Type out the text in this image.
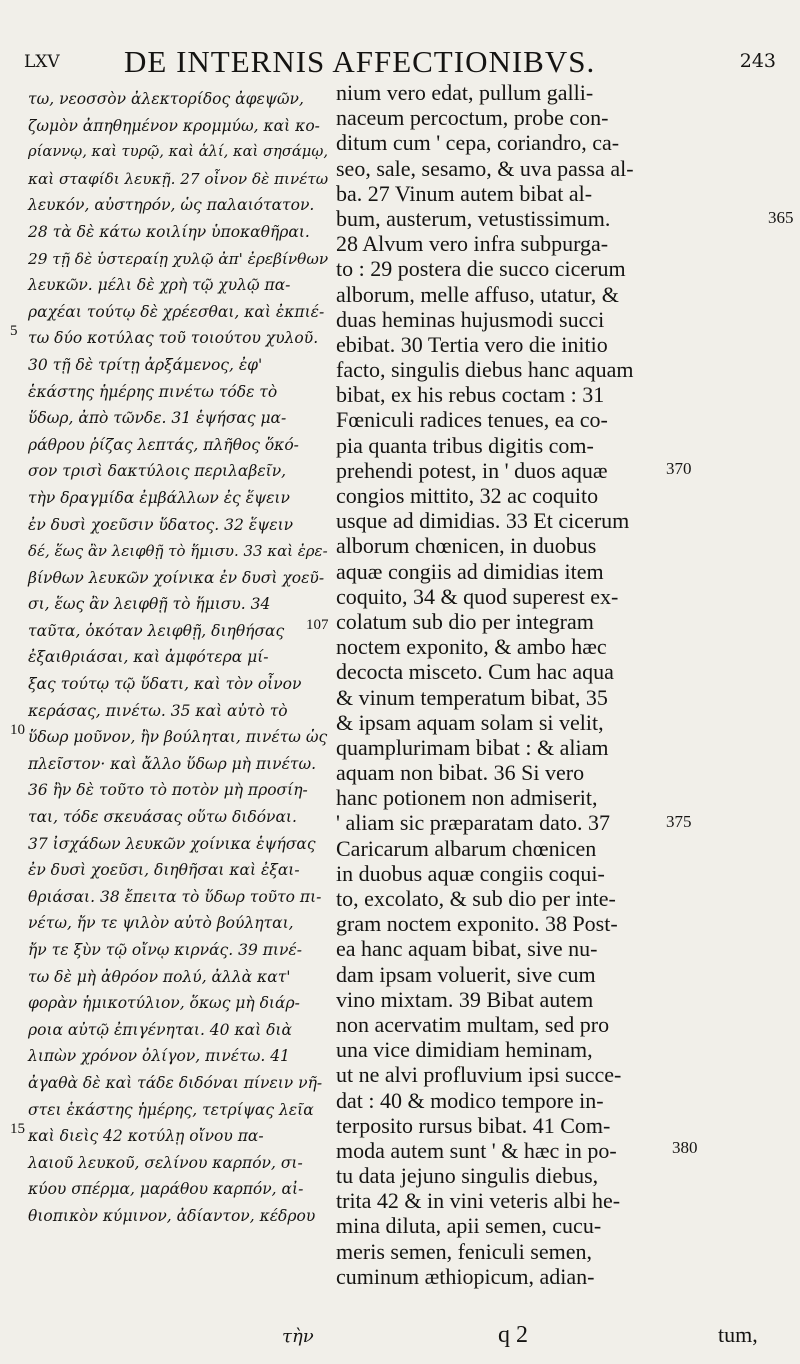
LXV DE INTERNIS AFFECTIONIBVS.	243
τω, νεοσσὸν ἀλεκτορίδος ἀφεψῶν,
ζωμὸν ἀπηθημένον κρομμύω, καὶ κο-
ρίαννῳ, καὶ τυρῷ, καὶ ἁλί, καὶ σησάμῳ,
καὶ σταφίδι λευκῇ. 27 οἶνον δὲ πινέτω
λευκόν, αὐστηρόν, ὡς παλαιότατον.
28 τὰ δὲ κάτω κοιλίην ὑποκαθῆραι.
29 τῇ δὲ ὑστεραίῃ χυλῷ ἀπ' ἐρεβίνθων
λευκῶν. μέλι δὲ χρὴ τῷ χυλῷ πα-
ραχέαι τούτῳ δὲ χρέεσθαι, καὶ ἐκπιέ-
τω δύο κοτύλας τοῦ τοιούτου χυλοῦ.
30 τῇ δὲ τρίτῃ ἀρξάμενος, ἐφ'
ἑκάστης ἡμέρης πινέτω τόδε τὸ
ὕδωρ, ἀπὸ τῶνδε. 31 ἑψήσας μα-
ράθρου ῥίζας λεπτάς, πλῆθος ὅκό-
σον τρισὶ δακτύλοις περιλαβεῖν,
τὴν δραγμίδα ἐμβάλλων ἐς ἕψειν
ἐν δυσὶ χοεῦσιν ὕδατος. 32 ἕψειν
δέ, ἕως ἂν λειφθῇ τὸ ἥμισυ. 33 καὶ ἐρε-
βίνθων λευκῶν χοίνικα ἐν δυσὶ χοεῦ-
σι, ἕως ἂν λειφθῇ τὸ ἥμισυ. 34
ταῦτα, ὁκόταν λειφθῇ, διηθήσας
ἐξαιθριάσαι, καὶ ἀμφότερα μί-
ξας τούτῳ τῷ ὕδατι, καὶ τὸν οἶνον
κεράσας, πινέτω. 35 καὶ αὐτὸ τὸ
ὕδωρ μοῦνον, ἢν βούληται, πινέτω ὡς
πλεῖστον· καὶ ἄλλο ὕδωρ μὴ πινέτω.
36 ἢν δὲ τοῦτο τὸ ποτὸν μὴ προσίη-
ται, τόδε σκευάσας οὕτω διδόναι.
37 ἰσχάδων λευκῶν χοίνικα ἑψήσας
ἐν δυσὶ χοεῦσι, διηθῆσαι καὶ ἐξαι-
θριάσαι. 38 ἔπειτα τὸ ὕδωρ τοῦτο πι-
νέτω, ἤν τε ψιλὸν αὐτὸ βούληται,
ἤν τε ξὺν τῷ οἴνῳ κιρνάς. 39 πινέ-
τω δὲ μὴ ἀθρόον πολύ, ἀλλὰ κατ'
φορὰν ἡμικοτύλιον, ὅκως μὴ διάρ-
ροια αὐτῷ ἐπιγένηται. 40 καὶ διὰ
λιπὼν χρόνον ὀλίγον, πινέτω. 41
ἀγαθὰ δὲ καὶ τάδε διδόναι πίνειν νῆ-
στει ἑκάστης ἡμέρης, τετρίψας λεῖα
καὶ διεὶς 42 κοτύλῃ οἴνου πα-
λαιοῦ λευκοῦ, σελίνου καρπόν, σι-
κύου σπέρμα, μαράθου καρπόν, αἰ-
θιοπικὸν κύμινον, ἀδίαντον, κέδρου
nium vero edat, pullum galli-
naceum percoctum, probe con-
ditum cum ' cepa, coriandro, ca-
seo, sale, sesamo, & uva passa al-
ba. 27 Vinum autem bibat al-
bum, austerum, vetustissimum.
28 Alvum vero infra subpurga-
to : 29 postera die succo cicerum
alborum, melle affuso, utatur, &
duas heminas hujusmodi succi
ebibat. 30 Tertia vero die initio
facto, singulis diebus hanc aquam
bibat, ex his rebus coctam : 31
Fœniculi radices tenues, ea co-
pia quanta tribus digitis com-
prehendi potest, in ' duos aquæ
congios mittito, 32 ac coquito
usque ad dimidias. 33 Et cicerum
alborum chœnicen, in duobus
aquæ congiis ad dimidias item
coquito, 34 & quod superest ex-
colatum sub dio per integram
noctem exponito, & ambo hæc
decocta misceto. Cum hac aqua
& vinum temperatum bibat, 35
& ipsam aquam solam si velit,
quamplurimam bibat : & aliam
aquam non bibat. 36 Si vero
hanc potionem non admiserit,
' aliam sic præparatam dato. 37
Caricarum albarum chœnicen
in duobus aquæ congiis coqui-
to, excolato, & sub dio per inte-
gram noctem exponito. 38 Post-
ea hanc aquam bibat, sive nu-
dam ipsam voluerit, sive cum
vino mixtam. 39 Bibat autem
non acervatim multam, sed pro
una vice dimidiam heminam,
ut ne alvi profluvium ipsi succe-
dat : 40 & modico tempore in-
terposito rursus bibat. 41 Com-
moda autem sunt ' & hæc in po-
tu data jejuno singulis diebus,
trita 42 & in vini veteris albi he-
mina diluta, apii semen, cucu-
meris semen, feniculi semen,
cuminum æthiopicum, adian-
5
10
15
107
365
370
375
380
τὴν	q 2	tum,
